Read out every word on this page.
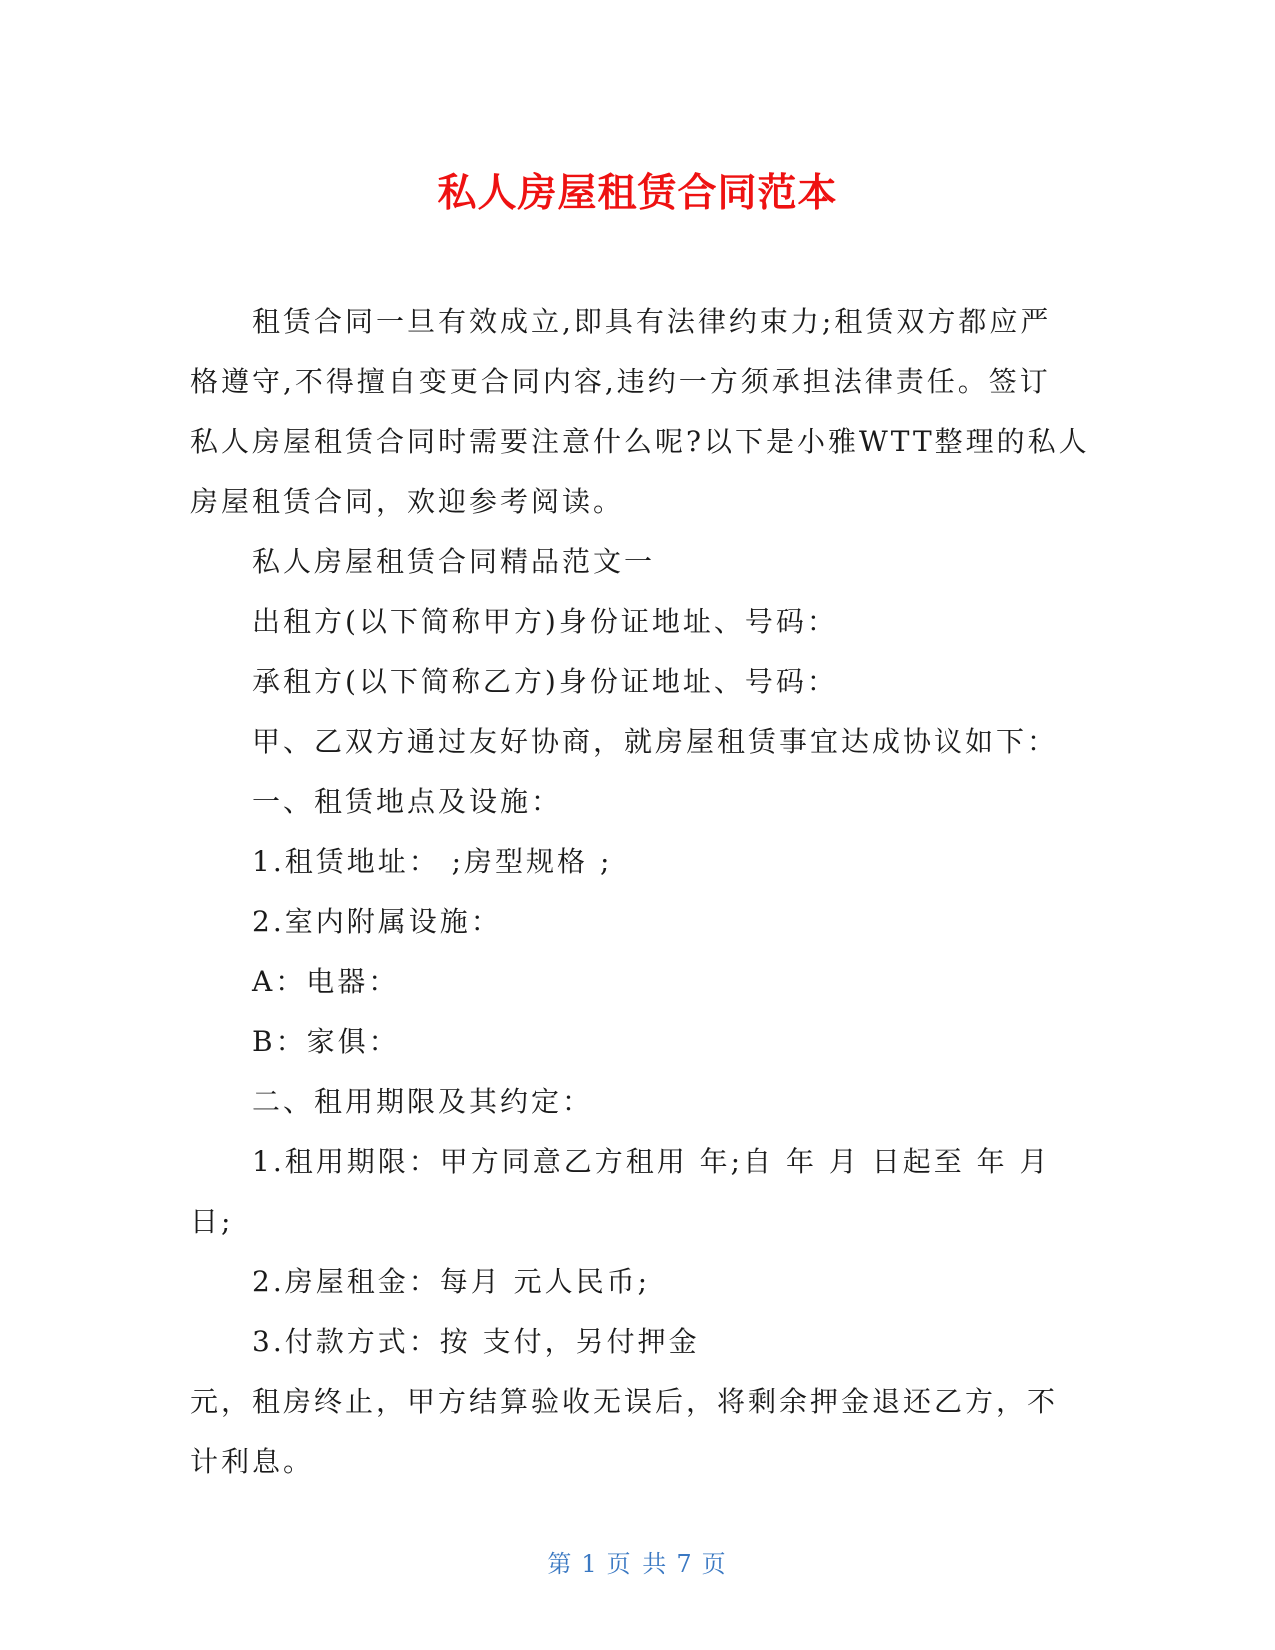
私人房屋租赁合同范本

租赁合同一旦有效成立,即具有法律约束力;租赁双方都应严
格遵守,不得擅自变更合同内容,违约一方须承担法律责任。签订
私人房屋租赁合同时需要注意什么呢?以下是小雅WTT整理的私人
房屋租赁合同，欢迎参考阅读。

私人房屋租赁合同精品范文一

出租方(以下简称甲方)身份证地址、号码：

承租方(以下简称乙方)身份证地址、号码：

甲、乙双方通过友好协商，就房屋租赁事宜达成协议如下：

一、租赁地点及设施：

1.租赁地址： ;房型规格 ;

2.室内附属设施：

A：电器：

B：家俱：

二、租用期限及其约定：

1.租用期限：甲方同意乙方租用 年;自 年 月 日起至 年 月
日;

2.房屋租金：每月 元人民币;

3.付款方式：按 支付，另付押金
元，租房终止，甲方结算验收无误后，将剩余押金退还乙方，不
计利息。

第 1 页 共 7 页
